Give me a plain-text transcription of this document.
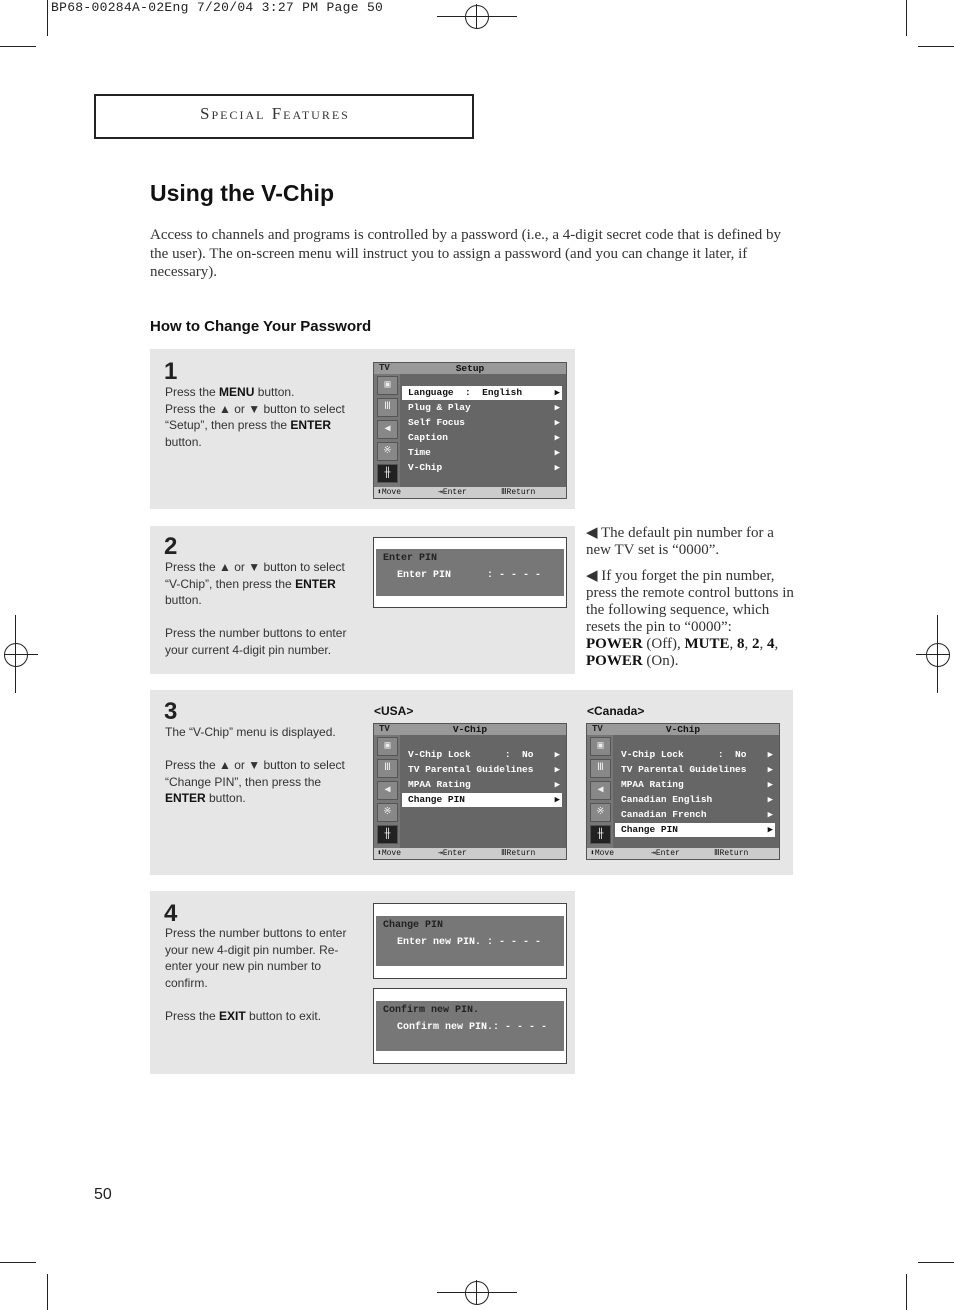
BP68-00284A-02Eng 7/20/04 3:27 PM Page 50
Special Features
Using the V-Chip
Access to channels and programs is controlled by a password (i.e., a 4-digit secret code that is defined by the user). The on-screen menu will instruct you to assign a password (and you can change it later, if necessary).
How to Change Your Password
1
Press the MENU button.
Press the ▲ or ▼ button to select “Setup”, then press the ENTER button.
TV	Setup
▣
Ⅲ
◀
※
╫
Language  :  English	▶
Plug & Play	▶
Self Focus	▶
Caption	▶
Time	▶
V-Chip	▶
⬍Move	⇥Enter	ⅢReturn
2
Press the ▲ or ▼ button to select “V-Chip”, then press the ENTER button.
Press the number buttons to enter your current 4-digit pin number.
Enter PIN
Enter PIN      : - - - -
◀ The default pin number for a new TV set is “0000”.
◀ If you forget the pin number, press the remote control buttons in the following sequence, which resets the pin to “0000”:
POWER (Off), MUTE, 8, 2, 4,
POWER (On).
3
The “V-Chip” menu is displayed.
Press the ▲ or ▼ button to select “Change PIN”, then press the ENTER button.
<USA>	<Canada>
TV	V-Chip
▣
Ⅲ
◀
※
╫
V-Chip Lock      :  No ▶
TV Parental Guidelines ▶
MPAA Rating	▶
Change PIN	▶
⬍Move	⇥Enter	ⅢReturn
TV	V-Chip
▣
Ⅲ
◀
※
╫
V-Chip Lock      :  No ▶
TV Parental Guidelines ▶
MPAA Rating	▶
Canadian English	▶
Canadian French	▶
Change PIN	▶
⬍Move	⇥Enter	ⅢReturn
4
Press the number buttons to enter your new 4-digit pin number. Re-enter your new pin number to confirm.
Press the EXIT button to exit.
Change PIN
Enter new PIN. : - - - -
Confirm new PIN.
Confirm new PIN.: - - - -
50
